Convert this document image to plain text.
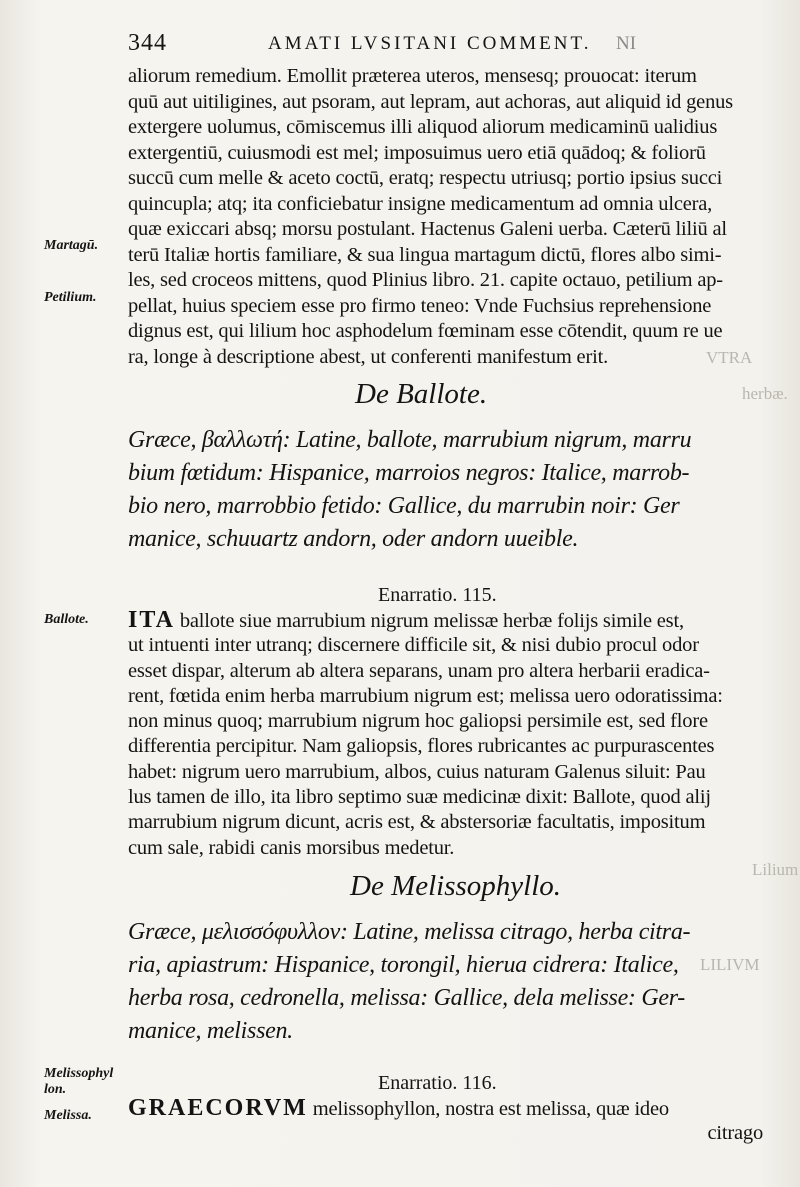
VTRA
herbæ.
LILIVM
Lilium
344	AMATI LVSITANI COMMENT. NI
aliorum remedium. Emollit præterea uteros, mensesq; prouocat: iterum
quū aut uitiligines, aut psoram, aut lepram, aut achoras, aut aliquid id genus
extergere uolumus, cōmiscemus illi aliquod aliorum medicaminū ualidius
extergentiū, cuiusmodi est mel; imposuimus uero etiā quādoq; & foliorū
succū cum melle & aceto coctū, eratq; respectu utriusq; portio ipsius succi
quincupla; atq; ita conficiebatur insigne medicamentum ad omnia ulcera,
quæ exiccari absq; morsu postulant. Hactenus Galeni uerba. Cæterū liliū al
terū Italiæ hortis familiare, & sua lingua martagum dictū, flores albo simi-
les, sed croceos mittens, quod Plinius libro. 21. capite octauo, petilium ap-
pellat, huius speciem esse pro firmo teneo: Vnde Fuchsius reprehensione
dignus est, qui lilium hoc asphodelum fœminam esse cōtendit, quum re ue
ra, longe à descriptione abest, ut conferenti manifestum erit.
Martagū.
Petilium.
Ballote.
Melissophyl lon.
Melissa.
De Ballote.
Græce, βαλλωτή: Latine, ballote, marrubium nigrum, marru
bium fœtidum: Hispanice, marroios negros: Italice, marrob-
bio nero, marrobbio fetido: Gallice, du marrubin noir: Ger
manice, schuuartz andorn, oder andorn uueible.
Enarratio. 115.
ITA ballote siue marrubium nigrum melissæ herbæ folijs simile est,
ut intuenti inter utranq; discernere difficile sit, & nisi dubio procul odor
esset dispar, alterum ab altera separans, unam pro altera herbarii eradica-
rent, fœtida enim herba marrubium nigrum est; melissa uero odoratissima:
non minus quoq; marrubium nigrum hoc galiopsi persimile est, sed flore
differentia percipitur. Nam galiopsis, flores rubricantes ac purpurascentes
habet: nigrum uero marrubium, albos, cuius naturam Galenus siluit: Pau
lus tamen de illo, ita libro septimo suæ medicinæ dixit: Ballote, quod alij
marrubium nigrum dicunt, acris est, & abstersoriæ facultatis, impositum
cum sale, rabidi canis morsibus medetur.
De Melissophyllo.
Græce, μελισσόφυλλον: Latine, melissa citrago, herba citra-
ria, apiastrum: Hispanice, torongil, hierua cidrera: Italice,
herba rosa, cedronella, melissa: Gallice, dela melisse: Ger-
manice, melissen.
Enarratio. 116.
GRAECORVM melissophyllon, nostra est melissa, quæ ideo
citrago
